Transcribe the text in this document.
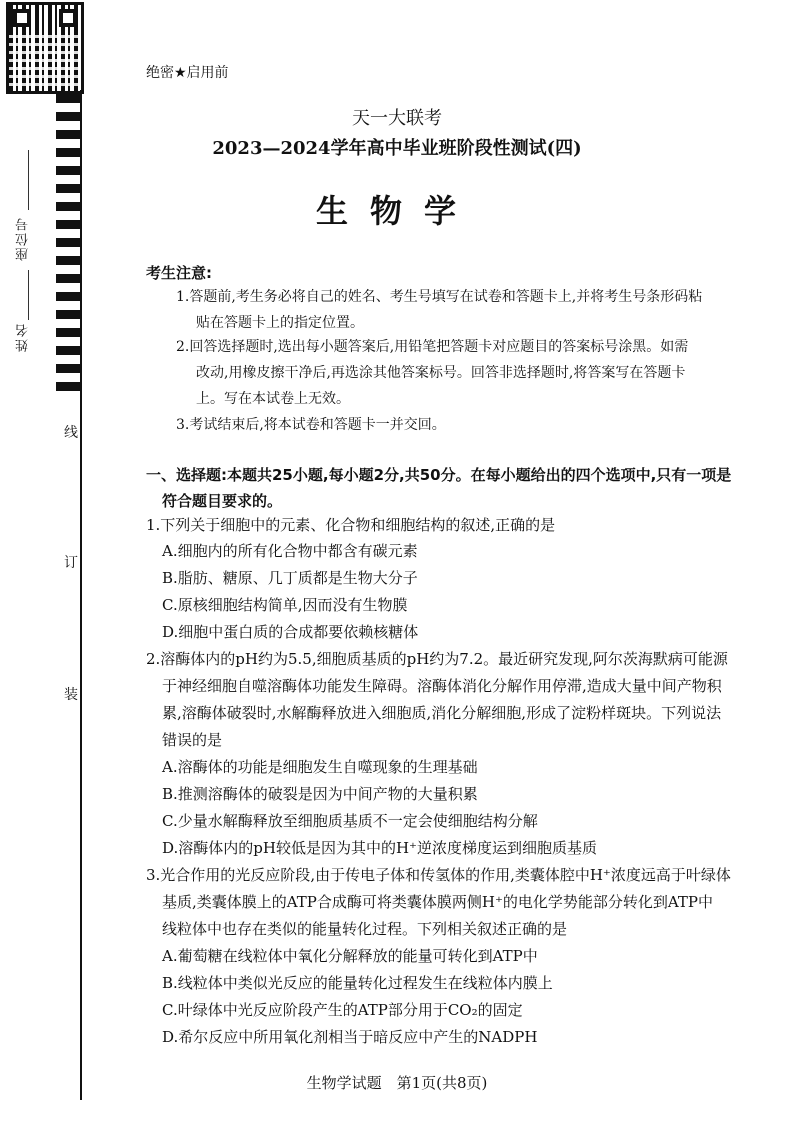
座位号
姓名
线
订
装
绝密★启用前
天一大联考
2023—2024学年高中毕业班阶段性测试(四)
生物学
考生注意:
1.答题前,考生务必将自己的姓名、考生号填写在试卷和答题卡上,并将考生号条形码粘
贴在答题卡上的指定位置。
2.回答选择题时,选出每小题答案后,用铅笔把答题卡对应题目的答案标号涂黑。如需
改动,用橡皮擦干净后,再选涂其他答案标号。回答非选择题时,将答案写在答题卡
上。写在本试卷上无效。
3.考试结束后,将本试卷和答题卡一并交回。
一、选择题:本题共25小题,每小题2分,共50分。在每小题给出的四个选项中,只有一项是
符合题目要求的。
1.下列关于细胞中的元素、化合物和细胞结构的叙述,正确的是
A.细胞内的所有化合物中都含有碳元素
B.脂肪、糖原、几丁质都是生物大分子
C.原核细胞结构简单,因而没有生物膜
D.细胞中蛋白质的合成都要依赖核糖体
2.溶酶体内的pH约为5.5,细胞质基质的pH约为7.2。最近研究发现,阿尔茨海默病可能源
于神经细胞自噬溶酶体功能发生障碍。溶酶体消化分解作用停滞,造成大量中间产物积
累,溶酶体破裂时,水解酶释放进入细胞质,消化分解细胞,形成了淀粉样斑块。下列说法
错误的是
A.溶酶体的功能是细胞发生自噬现象的生理基础
B.推测溶酶体的破裂是因为中间产物的大量积累
C.少量水解酶释放至细胞质基质不一定会使细胞结构分解
D.溶酶体内的pH较低是因为其中的H⁺逆浓度梯度运到细胞质基质
3.光合作用的光反应阶段,由于传电子体和传氢体的作用,类囊体腔中H⁺浓度远高于叶绿体
基质,类囊体膜上的ATP合成酶可将类囊体膜两侧H⁺的电化学势能部分转化到ATP中
线粒体中也存在类似的能量转化过程。下列相关叙述正确的是
A.葡萄糖在线粒体中氧化分解释放的能量可转化到ATP中
B.线粒体中类似光反应的能量转化过程发生在线粒体内膜上
C.叶绿体中光反应阶段产生的ATP部分用于CO₂的固定
D.希尔反应中所用氧化剂相当于暗反应中产生的NADPH
生物学试题　第1页(共8页)
